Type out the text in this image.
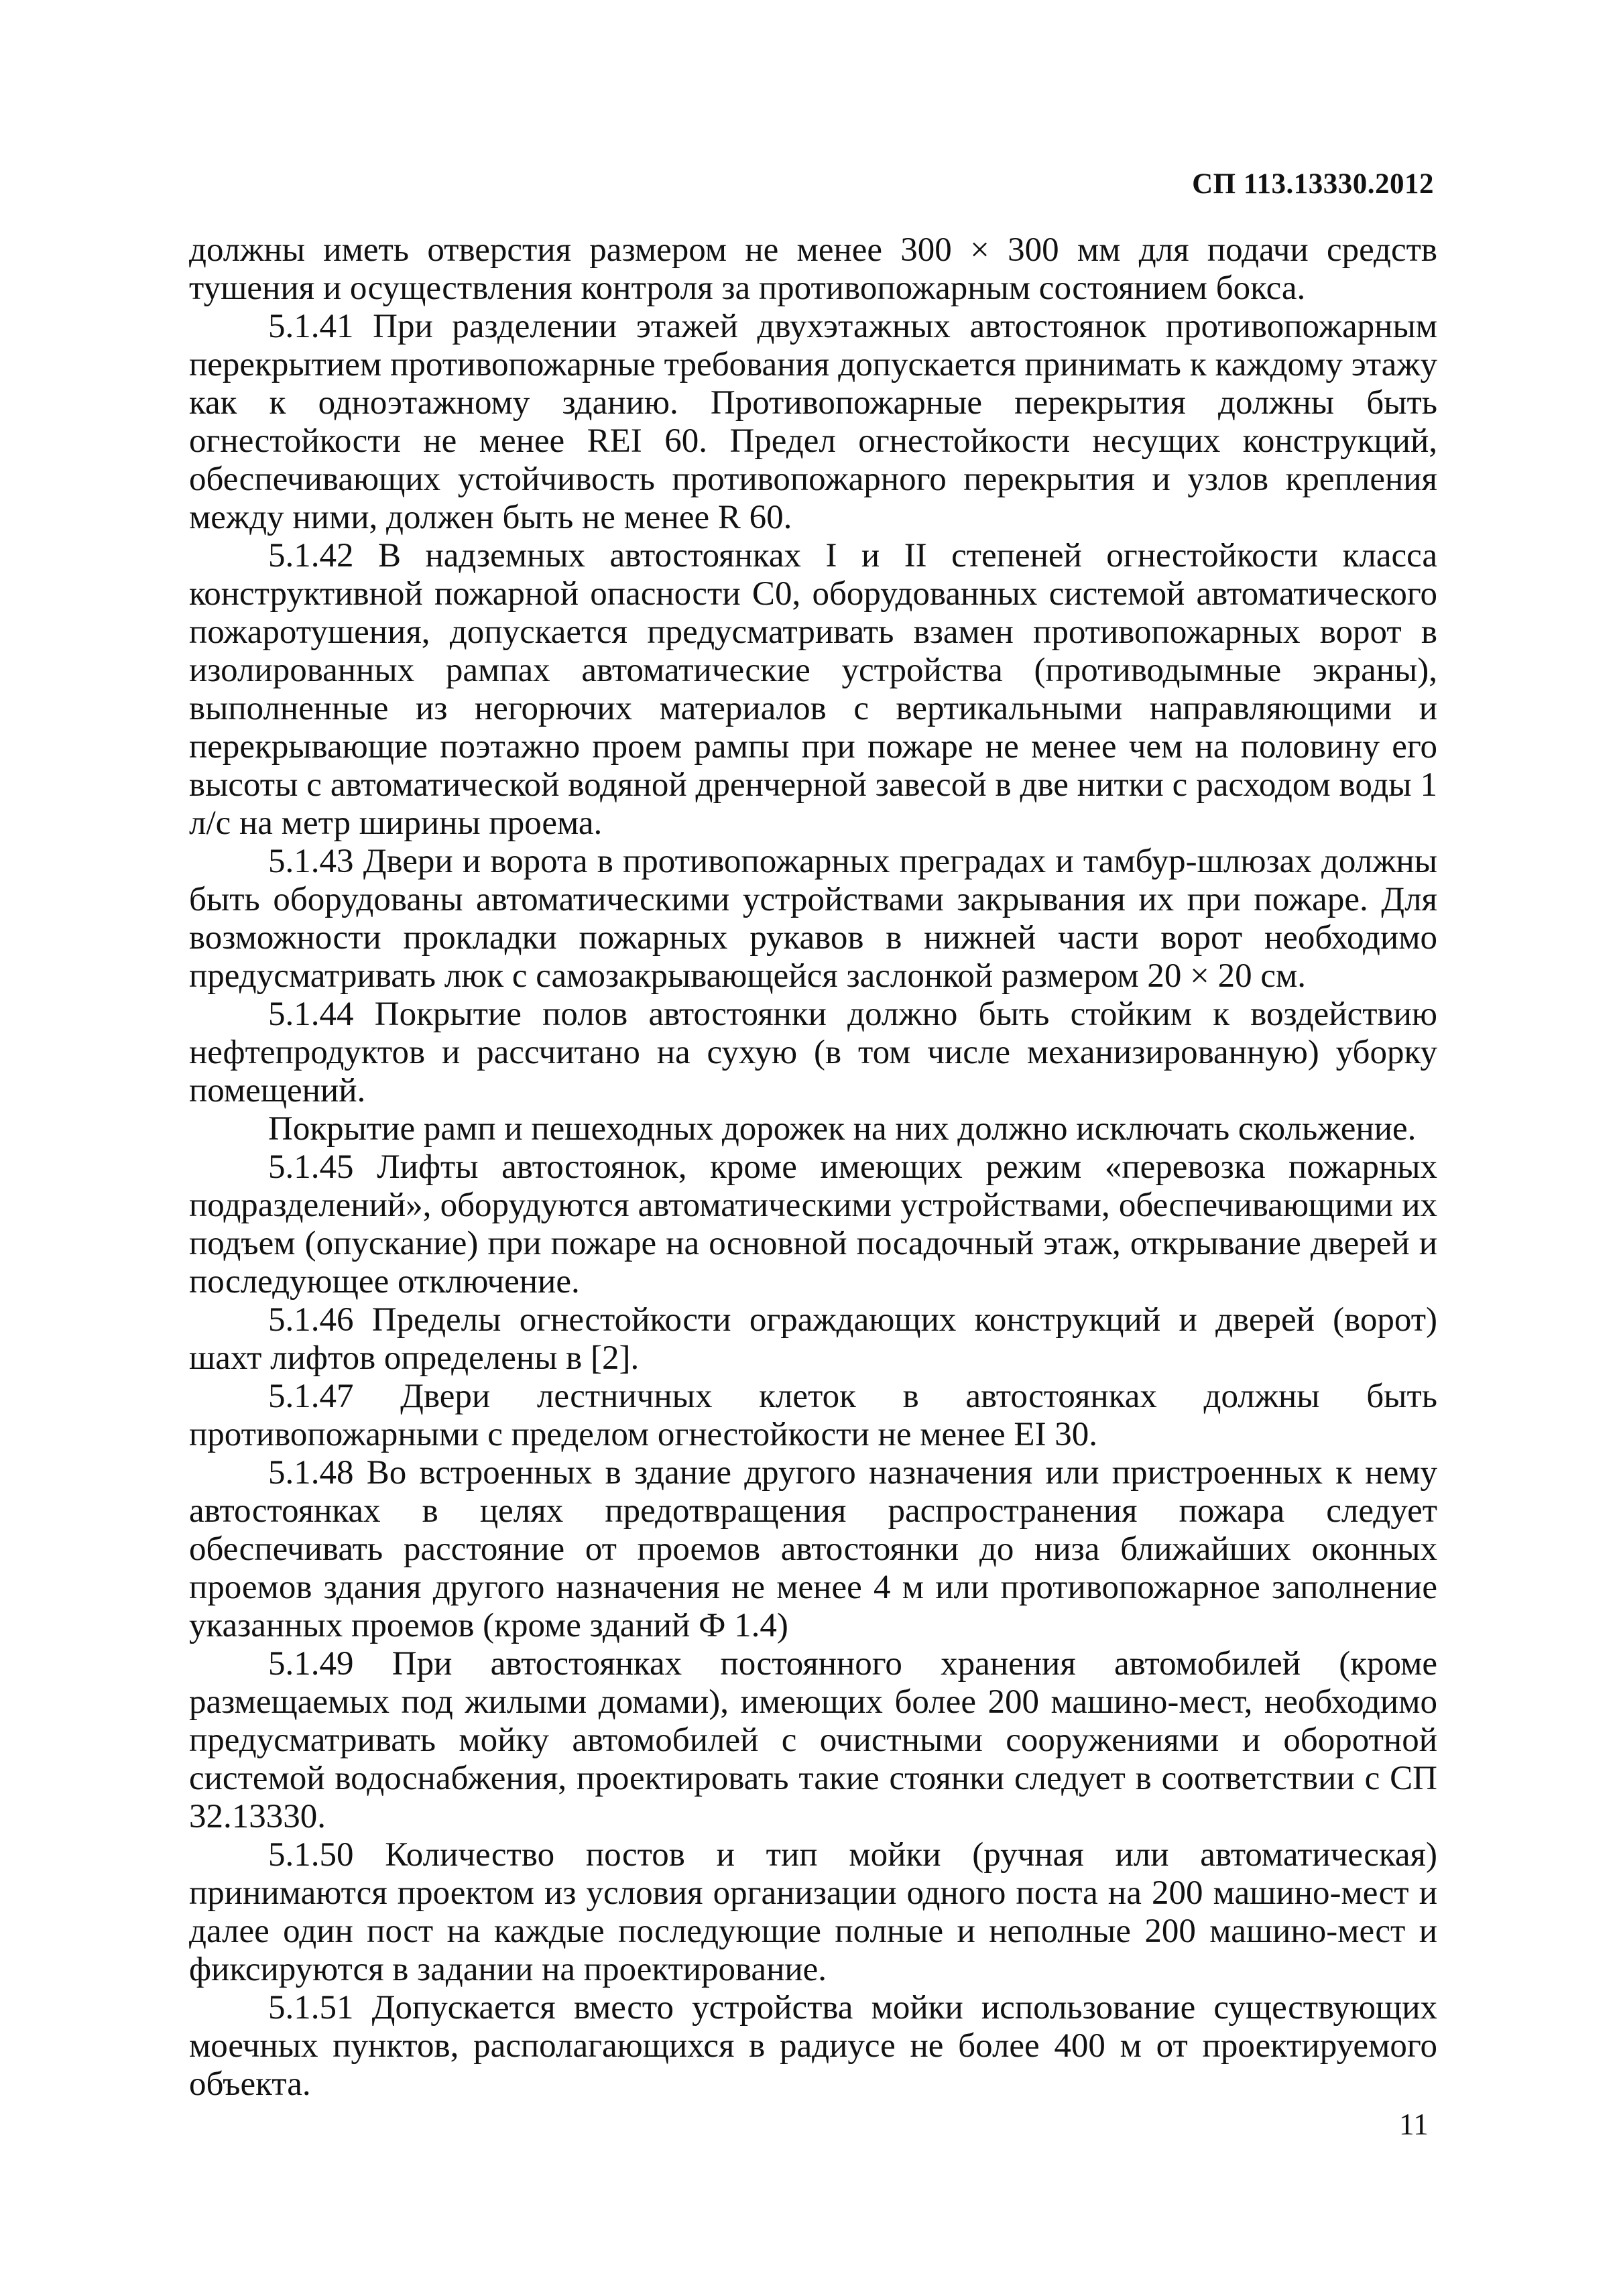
СП 113.13330.2012

должны иметь отверстия размером не менее 300 × 300 мм для подачи средств тушения и осуществления контроля за противопожарным состоянием бокса.

5.1.41 При разделении этажей двухэтажных автостоянок противопожарным перекрытием противопожарные требования допускается принимать к каждому этажу как к одноэтажному зданию. Противопожарные перекрытия должны быть огнестойкости не менее REI 60. Предел огнестойкости несущих конструкций, обеспечивающих устойчивость противопожарного перекрытия и узлов крепления между ними, должен быть не менее R 60.

5.1.42 В надземных автостоянках I и II степеней огнестойкости класса конструктивной пожарной опасности С0, оборудованных системой автоматического пожаротушения, допускается предусматривать взамен противопожарных ворот в изолированных рампах автоматические устройства (противодымные экраны), выполненные из негорючих материалов с вертикальными направляющими и перекрывающие поэтажно проем рампы при пожаре не менее чем на половину его высоты с автоматической водяной дренчерной завесой в две нитки с расходом воды 1 л/с на метр ширины проема.

5.1.43 Двери и ворота в противопожарных преградах и тамбур-шлюзах должны быть оборудованы автоматическими устройствами закрывания их при пожаре. Для возможности прокладки пожарных рукавов в нижней части ворот необходимо предусматривать люк с самозакрывающейся заслонкой размером 20 × 20 см.

5.1.44 Покрытие полов автостоянки должно быть стойким к воздействию нефтепродуктов и рассчитано на сухую (в том числе механизированную) уборку помещений.

Покрытие рамп и пешеходных дорожек на них должно исключать скольжение.

5.1.45 Лифты автостоянок, кроме имеющих режим «перевозка пожарных подразделений», оборудуются автоматическими устройствами, обеспечивающими их подъем (опускание) при пожаре на основной посадочный этаж, открывание дверей и последующее отключение.

5.1.46 Пределы огнестойкости ограждающих конструкций и дверей (ворот) шахт лифтов определены в [2].

5.1.47 Двери лестничных клеток в автостоянках должны быть противопожарными с пределом огнестойкости не менее EI 30.

5.1.48 Во встроенных в здание другого назначения или пристроенных к нему автостоянках в целях предотвращения распространения пожара следует обеспечивать расстояние от проемов автостоянки до низа ближайших оконных проемов здания другого назначения не менее 4 м или противопожарное заполнение указанных проемов (кроме зданий Ф 1.4)

5.1.49 При автостоянках постоянного хранения автомобилей (кроме размещаемых под жилыми домами), имеющих более 200 машино-мест, необходимо предусматривать мойку автомобилей с очистными сооружениями и оборотной системой водоснабжения, проектировать такие стоянки следует в соответствии с СП 32.13330.

5.1.50 Количество постов и тип мойки (ручная или автоматическая) принимаются проектом из условия организации одного поста на 200 машино-мест и далее один пост на каждые последующие полные и неполные 200 машино-мест и фиксируются в задании на проектирование.

5.1.51 Допускается вместо устройства мойки использование существующих моечных пунктов, располагающихся в радиусе не более 400 м от проектируемого объекта.

11
